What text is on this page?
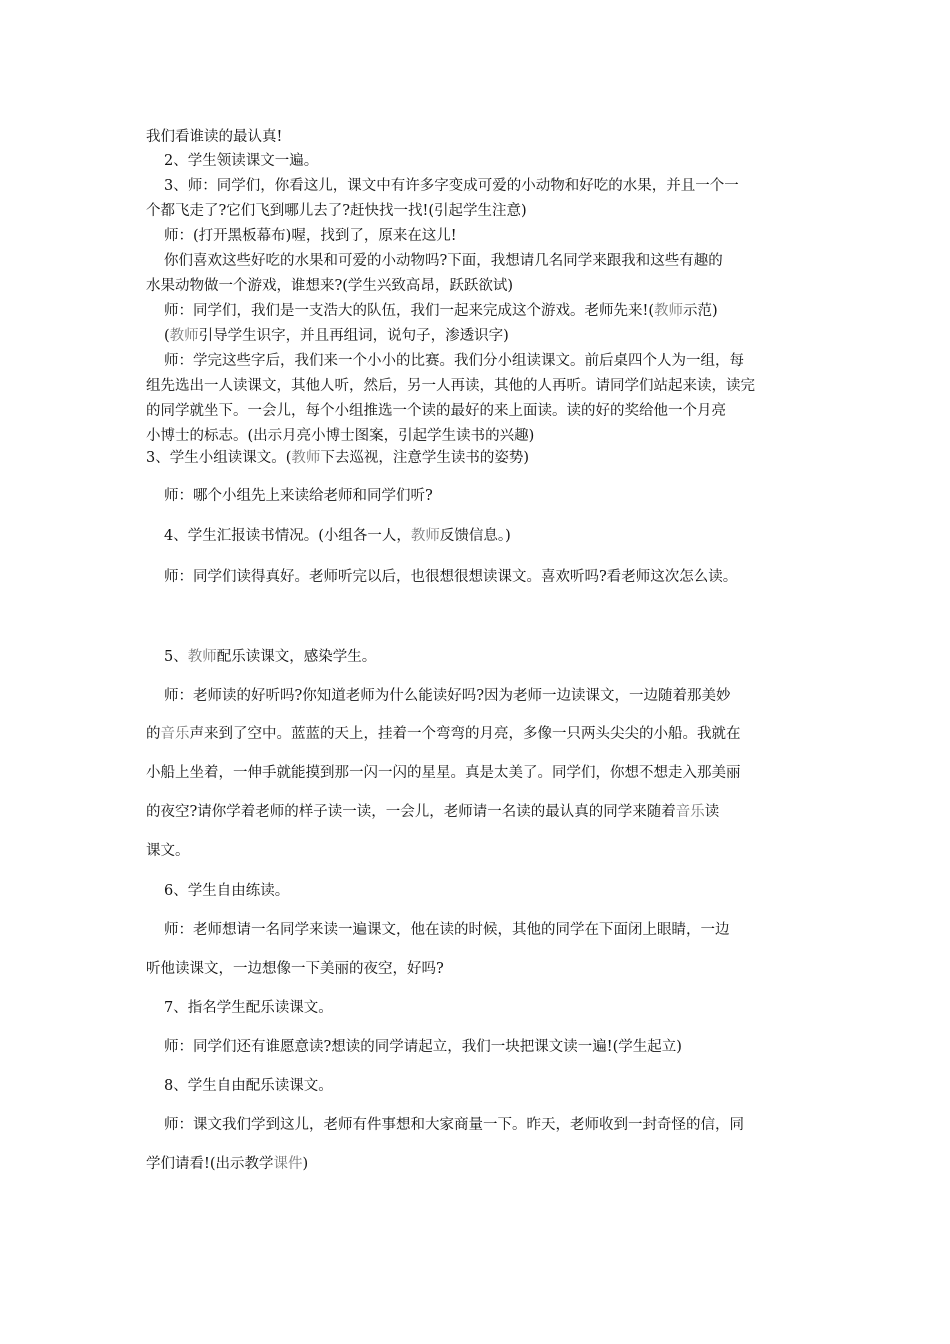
我们看谁读的最认真!
2、学生领读课文一遍。
3、师：同学们，你看这儿，课文中有许多字变成可爱的小动物和好吃的水果，并且一个一
个都飞走了?它们飞到哪儿去了?赶快找一找!(引起学生注意)
师：(打开黑板幕布)喔，找到了，原来在这儿!
你们喜欢这些好吃的水果和可爱的小动物吗?下面，我想请几名同学来跟我和这些有趣的
水果动物做一个游戏，谁想来?(学生兴致高昂，跃跃欲试)
师：同学们，我们是一支浩大的队伍，我们一起来完成这个游戏。老师先来!(教师示范)
(教师引导学生识字，并且再组词，说句子，渗透识字)
师：学完这些字后，我们来一个小小的比赛。我们分小组读课文。前后桌四个人为一组，每
组先选出一人读课文，其他人听，然后，另一人再读，其他的人再听。请同学们站起来读，读完
的同学就坐下。一会儿，每个小组推选一个读的最好的来上面读。读的好的奖给他一个月亮
小博士的标志。(出示月亮小博士图案，引起学生读书的兴趣)
3、学生小组读课文。(教师下去巡视，注意学生读书的姿势)
师：哪个小组先上来读给老师和同学们听?
4、学生汇报读书情况。(小组各一人，教师反馈信息。)
师：同学们读得真好。老师听完以后，也很想很想读课文。喜欢听吗?看老师这次怎么读。
5、教师配乐读课文，感染学生。
师：老师读的好听吗?你知道老师为什么能读好吗?因为老师一边读课文，一边随着那美妙
的音乐声来到了空中。蓝蓝的天上，挂着一个弯弯的月亮，多像一只两头尖尖的小船。我就在
小船上坐着，一伸手就能摸到那一闪一闪的星星。真是太美了。同学们，你想不想走入那美丽
的夜空?请你学着老师的样子读一读，一会儿，老师请一名读的最认真的同学来随着音乐读
课文。
6、学生自由练读。
师：老师想请一名同学来读一遍课文，他在读的时候，其他的同学在下面闭上眼睛，一边
听他读课文，一边想像一下美丽的夜空，好吗?
7、指名学生配乐读课文。
师：同学们还有谁愿意读?想读的同学请起立，我们一块把课文读一遍!(学生起立)
8、学生自由配乐读课文。
师：课文我们学到这儿，老师有件事想和大家商量一下。昨天，老师收到一封奇怪的信，同
学们请看!(出示教学课件)
